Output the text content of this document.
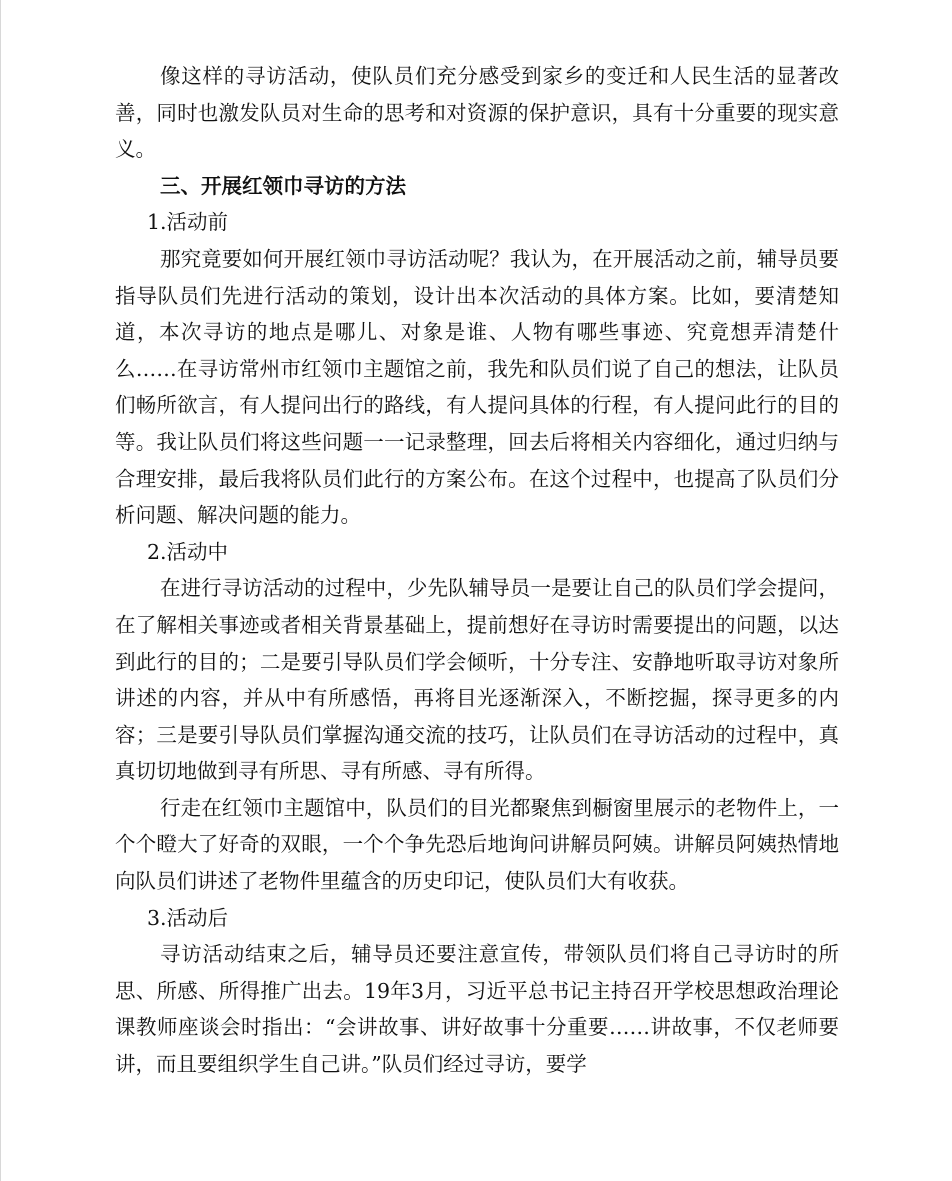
像这样的寻访活动，使队员们充分感受到家乡的变迁和人民生活的显著改善，同时也激发队员对生命的思考和对资源的保护意识，具有十分重要的现实意义。

三、开展红领巾寻访的方法

1.活动前

那究竟要如何开展红领巾寻访活动呢？我认为，在开展活动之前，辅导员要指导队员们先进行活动的策划，设计出本次活动的具体方案。比如，要清楚知道，本次寻访的地点是哪儿、对象是谁、人物有哪些事迹、究竟想弄清楚什么……在寻访常州市红领巾主题馆之前，我先和队员们说了自己的想法，让队员们畅所欲言，有人提问出行的路线，有人提问具体的行程，有人提问此行的目的等。我让队员们将这些问题一一记录整理，回去后将相关内容细化，通过归纳与合理安排，最后我将队员们此行的方案公布。在这个过程中，也提高了队员们分析问题、解决问题的能力。

2.活动中

在进行寻访活动的过程中，少先队辅导员一是要让自己的队员们学会提问，在了解相关事迹或者相关背景基础上，提前想好在寻访时需要提出的问题，以达到此行的目的；二是要引导队员们学会倾听，十分专注、安静地听取寻访对象所讲述的内容，并从中有所感悟，再将目光逐渐深入，不断挖掘，探寻更多的内容；三是要引导队员们掌握沟通交流的技巧，让队员们在寻访活动的过程中，真真切切地做到寻有所思、寻有所感、寻有所得。

行走在红领巾主题馆中，队员们的目光都聚焦到橱窗里展示的老物件上，一个个瞪大了好奇的双眼，一个个争先恐后地询问讲解员阿姨。讲解员阿姨热情地向队员们讲述了老物件里蕴含的历史印记，使队员们大有收获。

3.活动后

寻访活动结束之后，辅导员还要注意宣传，带领队员们将自己寻访时的所思、所感、所得推广出去。19年3月，习近平总书记主持召开学校思想政治理论课教师座谈会时指出：“会讲故事、讲好故事十分重要……讲故事，不仅老师要讲，而且要组织学生自己讲。”队员们经过寻访，要学
